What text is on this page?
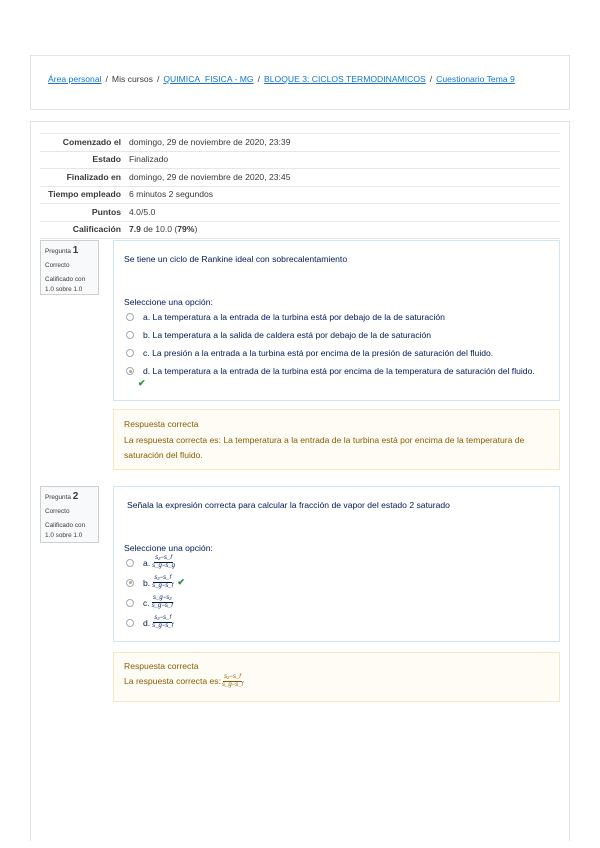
Área personal / Mis cursos / QUIMICA_FISICA - MG / BLOQUE 3: CICLOS TERMODINAMICOS / Cuestionario Tema 9
Comenzado el	domingo, 29 de noviembre de 2020, 23:39
Estado	Finalizado
Finalizado en	domingo, 29 de noviembre de 2020, 23:45
Tiempo empleado	6 minutos 2 segundos
Puntos	4.0/5.0
Calificación	7.9 de 10.0 (79%)
Pregunta 1
Correcto
Calificado con 1.0 sobre 1.0
Se tiene un ciclo de Rankine ideal con sobrecalentamiento
Seleccione una opción:
a. La temperatura a la entrada de la turbina está por debajo de la de saturación
b. La temperatura a la salida de caldera está por debajo de la de saturación
c. La presión a la entrada a la turbina está por encima de la presión de saturación del fluido.
d. La temperatura a la entrada de la turbina está por encima de la temperatura de saturación del fluido.
✔
Respuesta correcta
La respuesta correcta es: La temperatura a la entrada de la turbina está por encima de la temperatura de saturación del fluido.
Pregunta 2
Correcto
Calificado con 1.0 sobre 1.0
Señala la expresión correcta para calcular la fracción de vapor del estado 2 saturado
Seleccione una opción:
a. $\frac{\text{s₂−s\_f}}{s\_g-s\_g}$
b. $\frac{\text{s₂−s\_f}}{s\_g-s\_f}$ ✔
c. $\frac{\text{s\_g−s₂}}{s\_g-s\_f}$
d. $\frac{\text{s₂−s\_f}}{s\_g-s\_f}$
Respuesta correcta
La respuesta correcta es: $\frac{\text{s₂−s\_f}}{s\_g-s\_f}$
